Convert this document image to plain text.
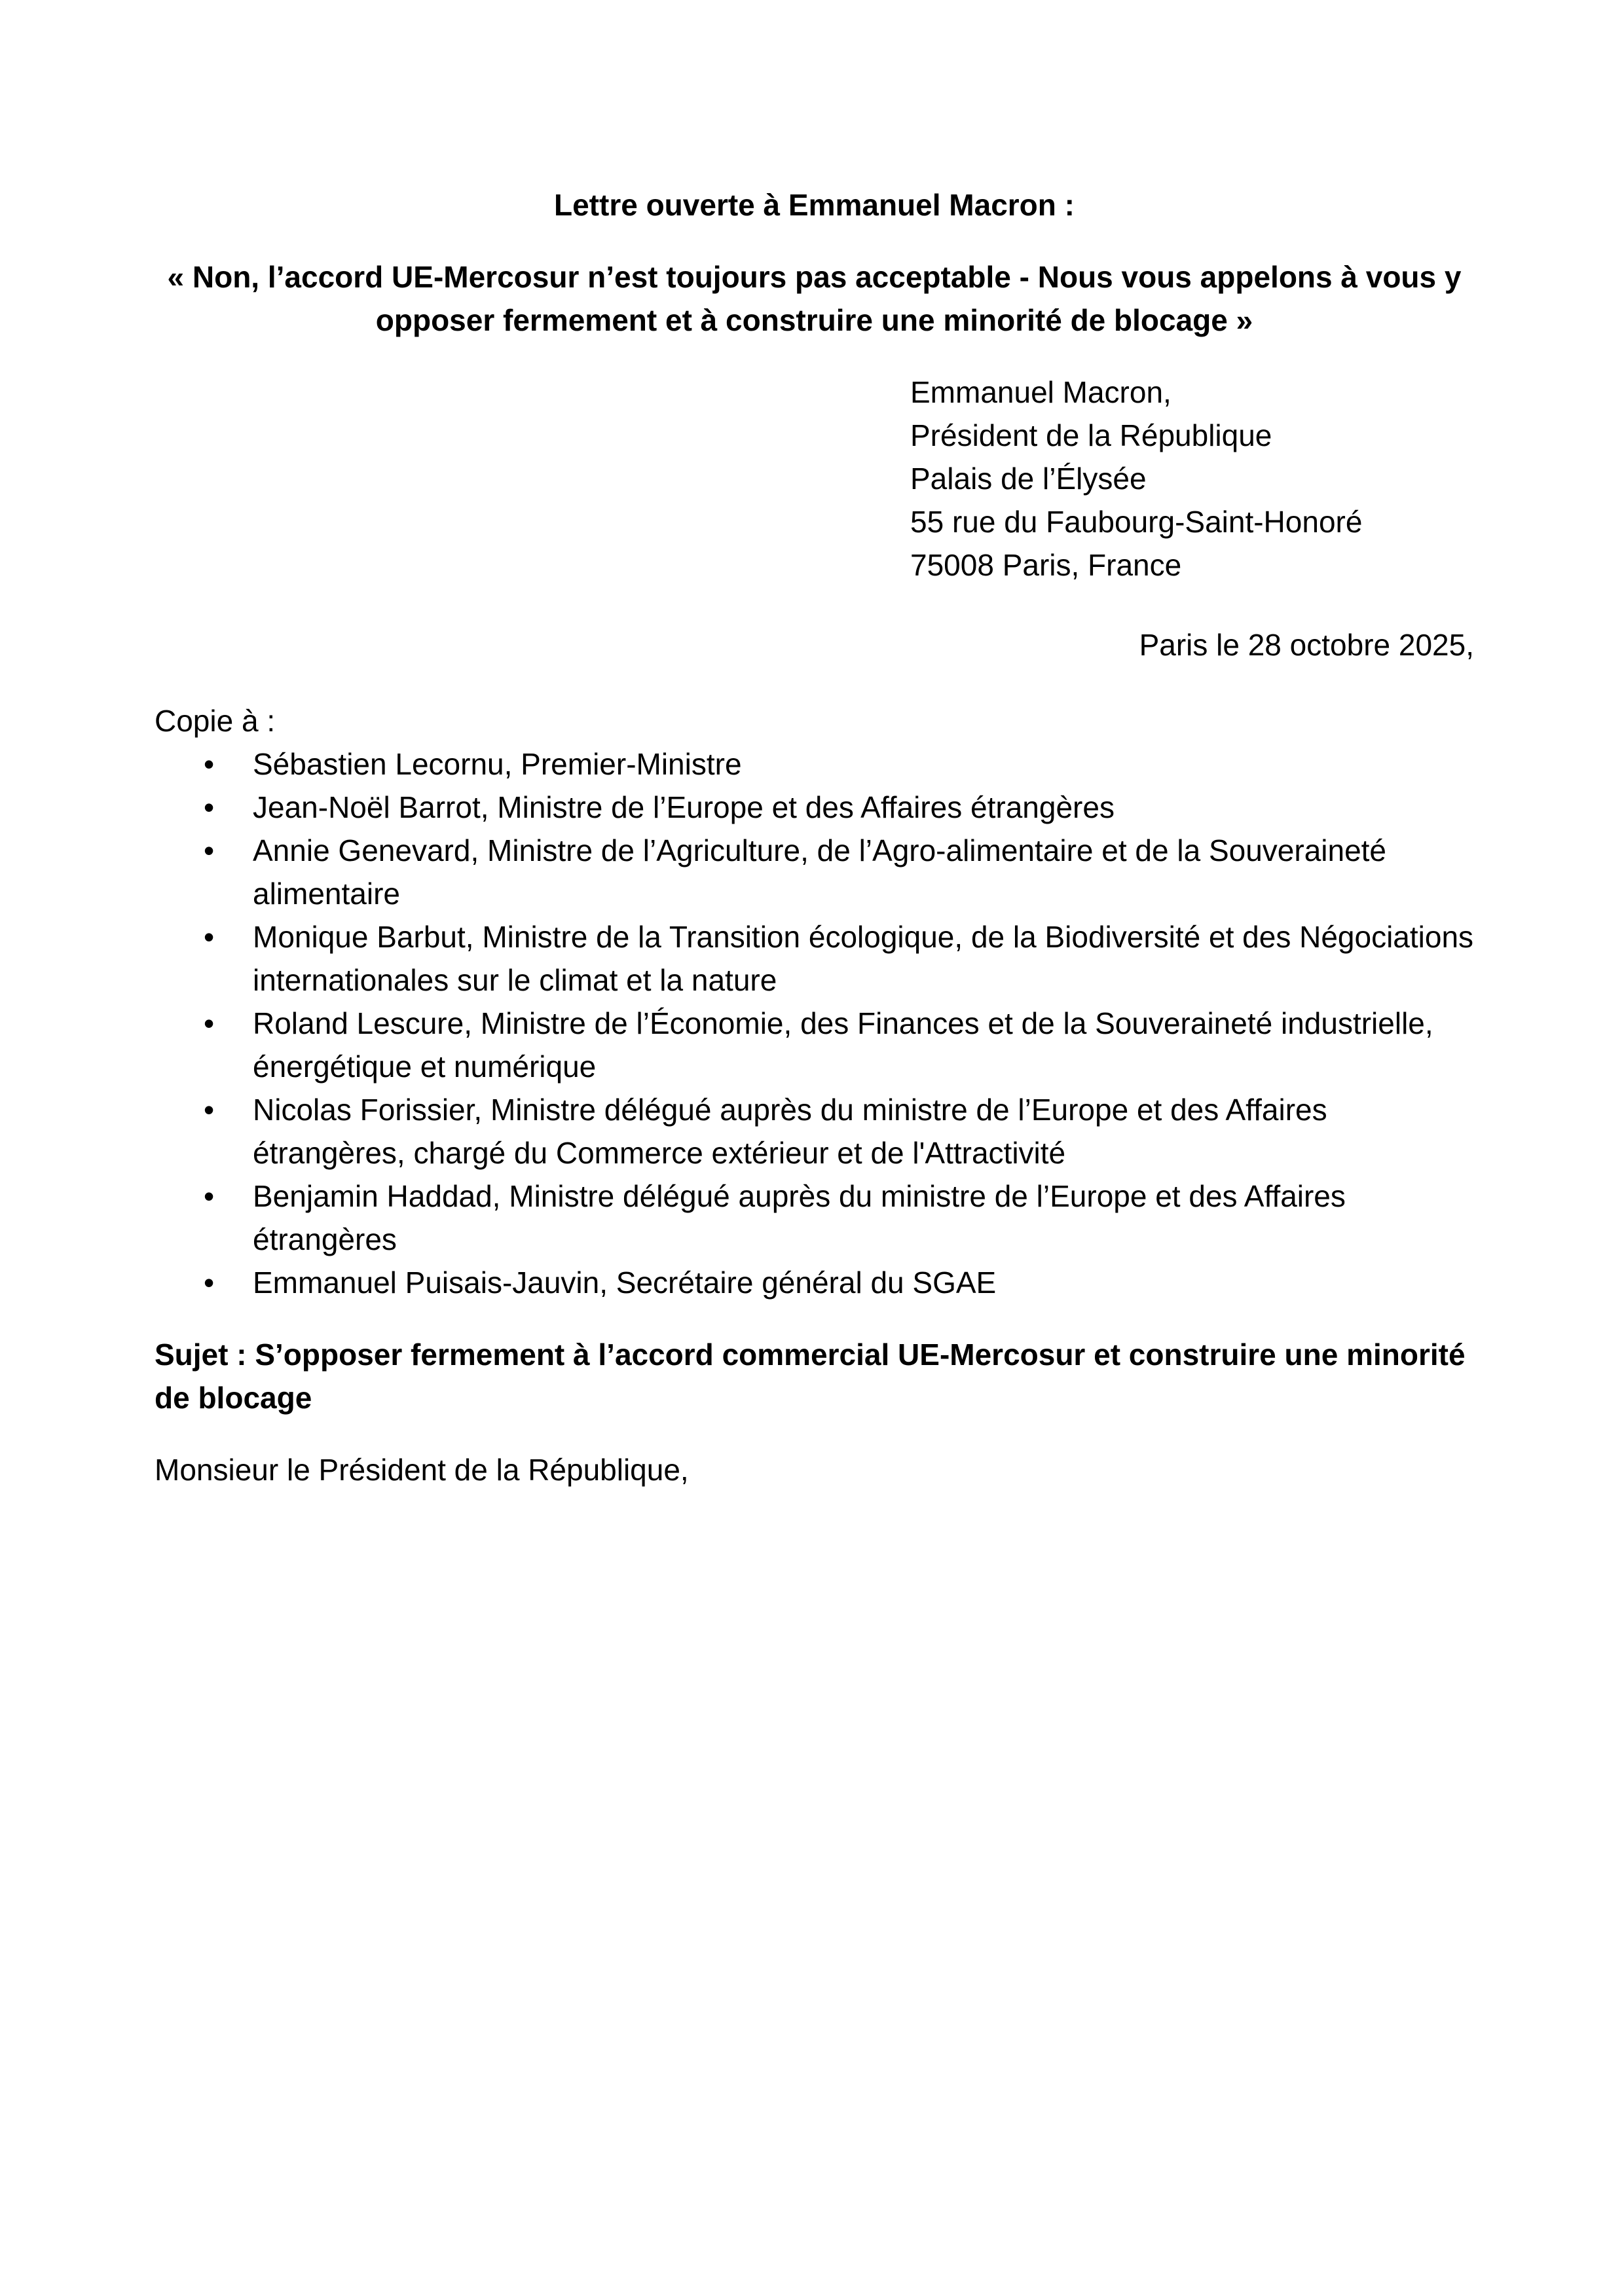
Lettre ouverte à Emmanuel Macron :
« Non, l’accord UE-Mercosur n’est toujours pas acceptable - Nous vous appelons à vous y
opposer fermement et à construire une minorité de blocage »
Emmanuel Macron,
Président de la République
Palais de l’Élysée
55 rue du Faubourg-Saint-Honoré
75008 Paris, France
Paris le 28 octobre 2025,
Copie à :
• Sébastien Lecornu, Premier-Ministre
• Jean-Noël Barrot, Ministre de l’Europe et des Affaires étrangères
• Annie Genevard, Ministre de l’Agriculture, de l’Agro-alimentaire et de la Souveraineté
alimentaire
• Monique Barbut, Ministre de la Transition écologique, de la Biodiversité et des Négociations
internationales sur le climat et la nature
• Roland Lescure, Ministre de l’Économie, des Finances et de la Souveraineté industrielle,
énergétique et numérique
• Nicolas Forissier, Ministre délégué auprès du ministre de l’Europe et des Affaires
étrangères, chargé du Commerce extérieur et de l'Attractivité
• Benjamin Haddad, Ministre délégué auprès du ministre de l’Europe et des Affaires
étrangères
• Emmanuel Puisais-Jauvin, Secrétaire général du SGAE
Sujet : S’opposer fermement à l’accord commercial UE-Mercosur et construire une minorité
de blocage
Monsieur le Président de la République,
